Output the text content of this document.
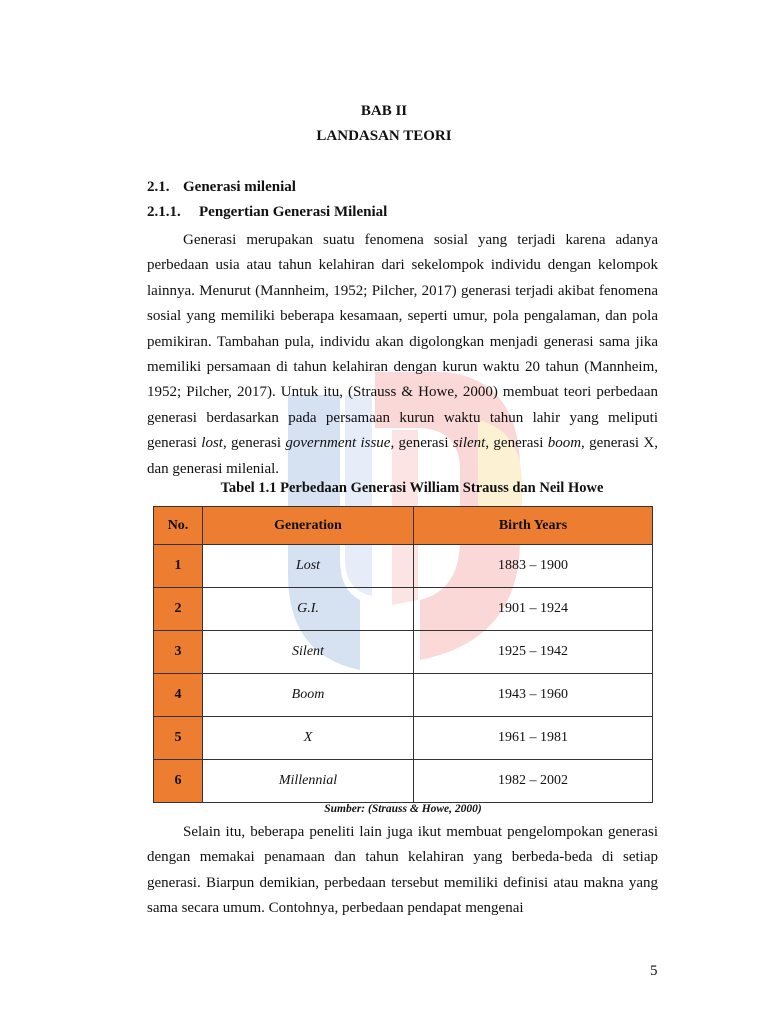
BAB II
LANDASAN TEORI
2.1. Generasi milenial
2.1.1. Pengertian Generasi Milenial

Generasi merupakan suatu fenomena sosial yang terjadi karena adanya perbedaan usia atau tahun kelahiran dari sekelompok individu dengan kelompok lainnya. Menurut (Mannheim, 1952; Pilcher, 2017) generasi terjadi akibat fenomena sosial yang memiliki beberapa kesamaan, seperti umur, pola pengalaman, dan pola pemikiran. Tambahan pula, individu akan digolongkan menjadi generasi sama jika memiliki persamaan di tahun kelahiran dengan kurun waktu 20 tahun (Mannheim, 1952; Pilcher, 2017). Untuk itu, (Strauss & Howe, 2000) membuat teori perbedaan generasi berdasarkan pada persamaan kurun waktu tahun lahir yang meliputi generasi lost, generasi government issue, generasi silent, generasi boom, generasi X, dan generasi milenial.

Tabel 1.1 Perbedaan Generasi William Strauss dan Neil Howe
No.	Generation	Birth Years
1	Lost	1883 – 1900
2	G.I.	1901 – 1924
3	Silent	1925 – 1942
4	Boom	1943 – 1960
5	X	1961 – 1981
6	Millennial	1982 – 2002
Sumber: (Strauss & Howe, 2000)

Selain itu, beberapa peneliti lain juga ikut membuat pengelompokan generasi dengan memakai penamaan dan tahun kelahiran yang berbeda-beda di setiap generasi. Biarpun demikian, perbedaan tersebut memiliki definisi atau makna yang sama secara umum. Contohnya, perbedaan pendapat mengenai

5
